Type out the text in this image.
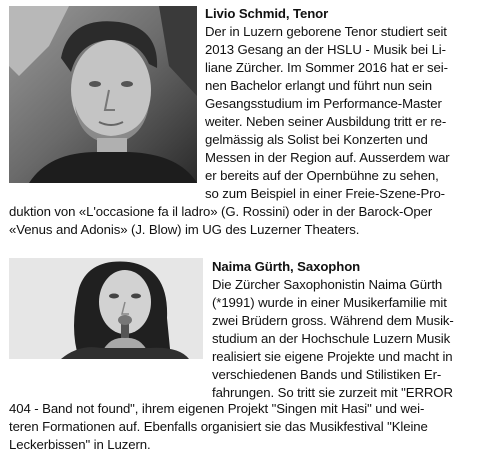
Livio Schmid, Tenor
Der in Luzern geborene Tenor studiert seit
2013 Gesang an der HSLU - Musik bei Li-
liane Zürcher. Im Sommer 2016 hat er sei-
nen Bachelor erlangt und führt nun sein
Gesangsstudium im Performance-Master
weiter. Neben seiner Ausbildung tritt er re-
gelmässig als Solist bei Konzerten und
Messen in der Region auf. Ausserdem war
er bereits auf der Opernbühne zu sehen,
so zum Beispiel in einer Freie-Szene-Pro-
duktion von «L'occasione fa il ladro» (G. Rossini) oder in der Barock-Oper
«Venus and Adonis» (J. Blow) im UG des Luzerner Theaters.
Naima Gürth, Saxophon
Die Zürcher Saxophonistin Naima Gürth
(*1991) wurde in einer Musikerfamilie mit
zwei Brüdern gross. Während dem Musik-
studium an der Hochschule Luzern Musik
realisiert sie eigene Projekte und macht in
verschiedenen Bands und Stilistiken Er-
fahrungen. So tritt sie zurzeit mit "ERROR
404 - Band not found", ihrem eigenen Projekt "Singen mit Hasi" und wei-
teren Formationen auf. Ebenfalls organisiert sie das Musikfestival "Kleine
Leckerbissen" in Luzern.
